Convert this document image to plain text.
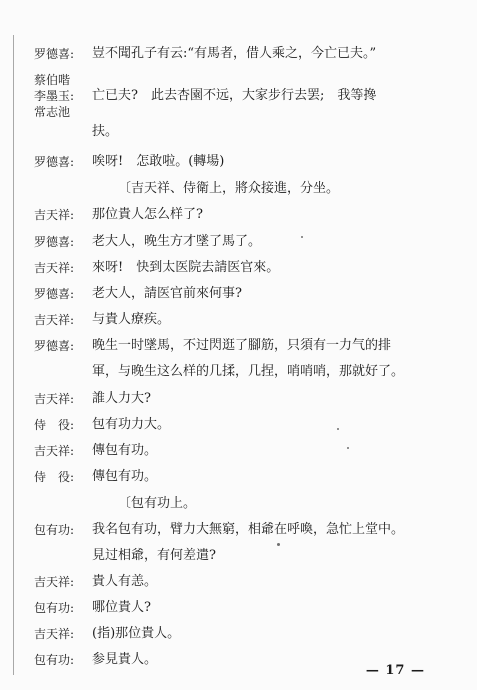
罗德喜:	豈不聞孔子有云:“有馬者，借人乘之，今亡已夫。”
蔡伯喈
李墨玉:	亡已夫?　此去杏園不远，大家步行去罢;　我等搀
常志池
扶。
罗德喜:	唉呀!　怎敢啦。(轉場)
〔吉天祥、侍衛上，將众接進，分坐。
吉天祥:	那位貴人怎么样了?
罗德喜:	老大人，晚生方才墜了馬了。
吉天祥:	來呀!　快到太医院去請医官來。
罗德喜:	老大人，請医官前來何事?
吉天祥:	与貴人療疾。
罗德喜:	晚生一时墜馬，不过閃逛了腳筋，只須有一力气的排
軍，与晚生这么样的几揉，几捏，哨哨哨，那就好了。
吉天祥:	誰人力大?
侍　役:	包有功力大。
吉天祥:	傳包有功。
侍　役:	傳包有功。
〔包有功上。
包有功:	我名包有功，臂力大無窮，相爺在呼喚，急忙上堂中。
見过相爺，有何差遣?
吉天祥:	貴人有恙。
包有功:	哪位貴人?
吉天祥:	(指)那位貴人。
包有功:	参見貴人。
— 17 —
